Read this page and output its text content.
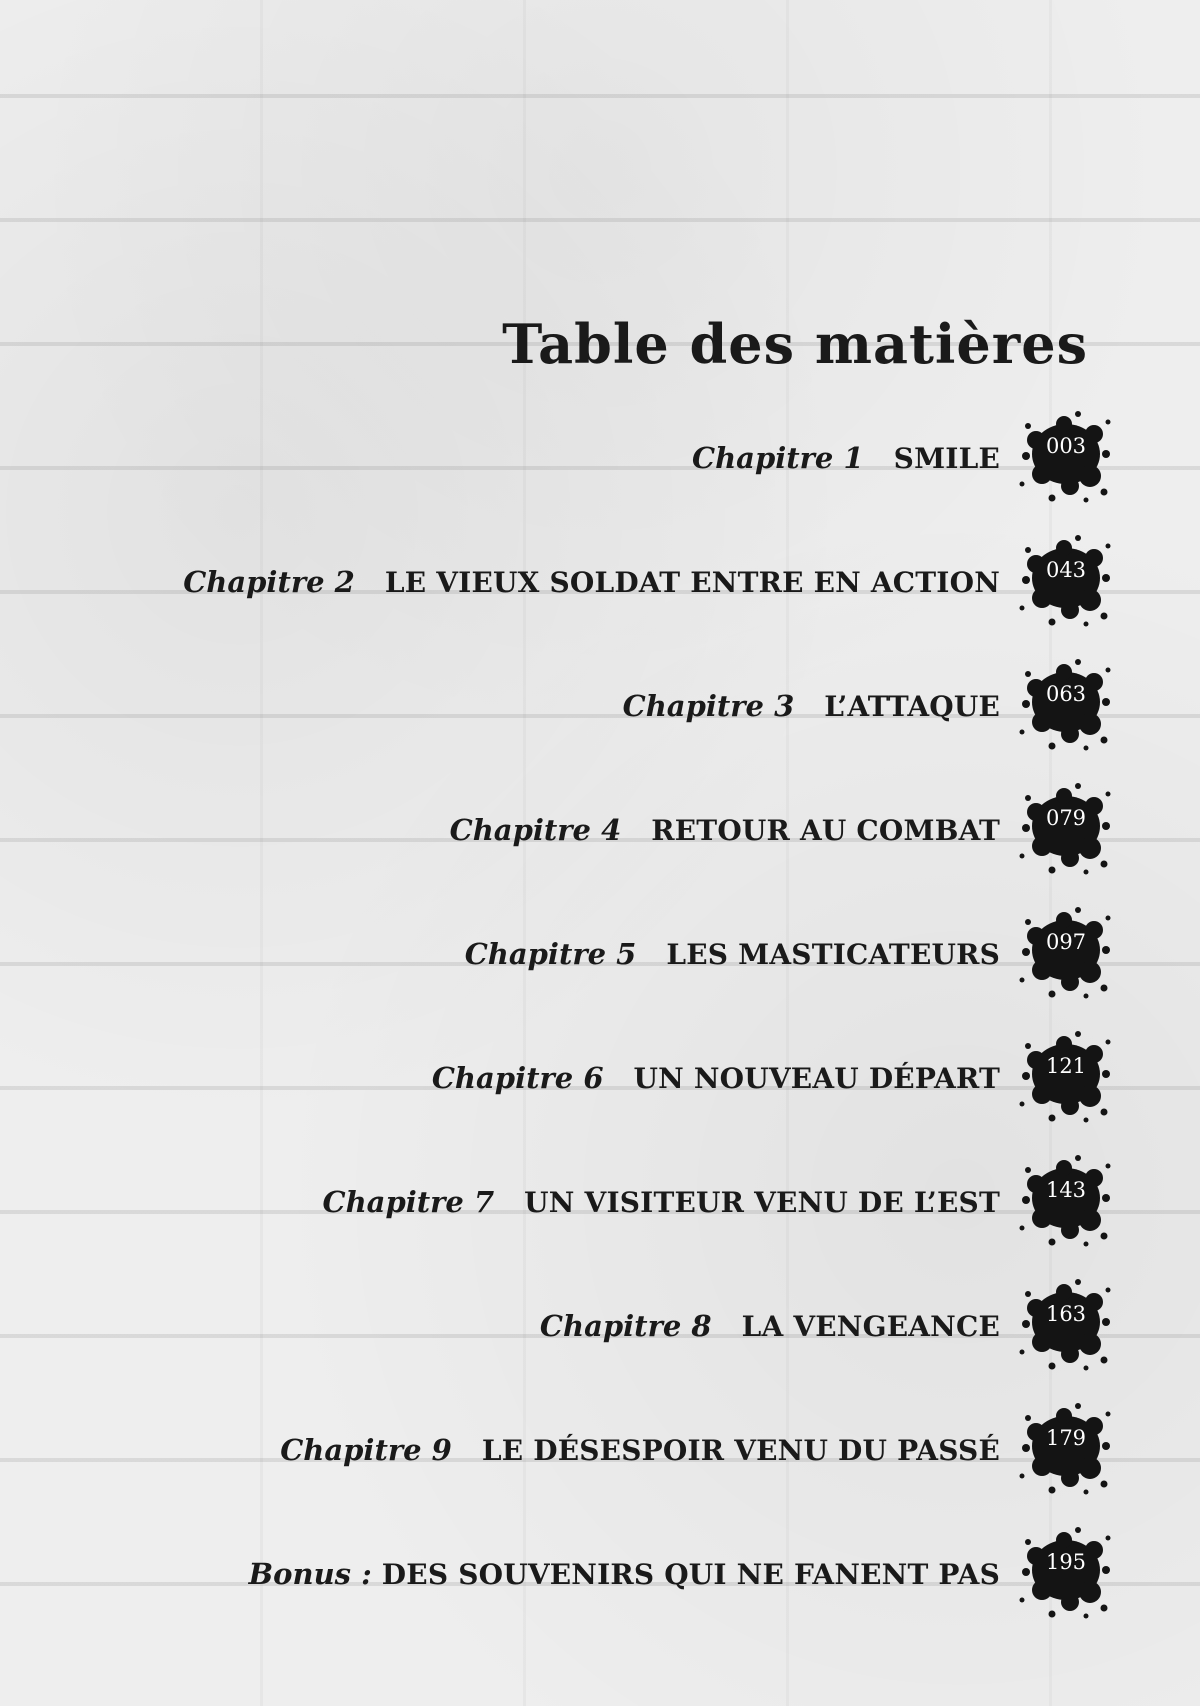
Table des matières
Chapitre 1 SMILE	003
Chapitre 2 LE VIEUX SOLDAT ENTRE EN ACTION	043
Chapitre 3 L’ATTAQUE	063
Chapitre 4 RETOUR AU COMBAT	079
Chapitre 5 LES MASTICATEURS	097
Chapitre 6 UN NOUVEAU DÉPART	121
Chapitre 7 UN VISITEUR VENU DE L’EST	143
Chapitre 8 LA VENGEANCE	163
Chapitre 9 LE DÉSESPOIR VENU DU PASSÉ	179
Bonus : DES SOUVENIRS QUI NE FANENT PAS	195
